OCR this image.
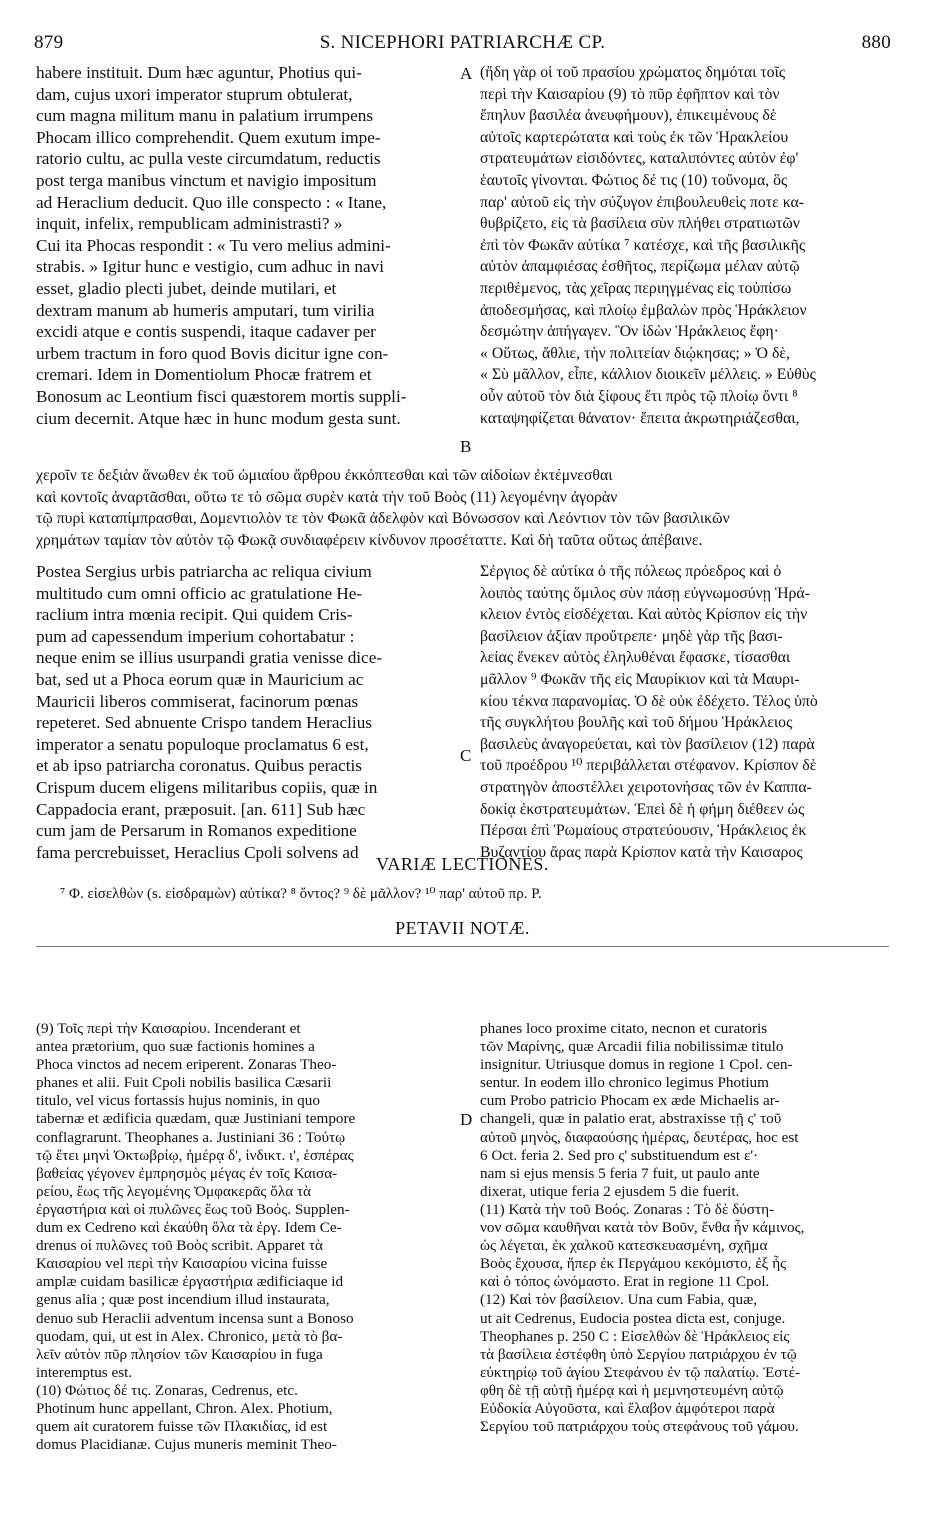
879	S. NICEPHORI PATRIARCHÆ CP.	880
habere instituit. Dum hæc aguntur, Photius qui-
dam, cujus uxori imperator stuprum obtulerat,
cum magna militum manu in palatium irrumpens
Phocam illico comprehendit. Quem exutum impe-
ratorio cultu, ac pulla veste circumdatum, reductis
post terga manibus vinctum et navigio impositum
ad Heraclium deducit. Quo ille conspecto : « Itane,
inquit, infelix, rempublicam administrasti? »
Cui ita Phocas respondit : « Tu vero melius admini-
strabis. » Igitur hunc e vestigio, cum adhuc in navi
esset, gladio plecti jubet, deinde mutilari, et
dextram manum ab humeris amputari, tum virilia
excidi atque e contis suspendi, itaque cadaver per
urbem tractum in foro quod Bovis dicitur igne con-
cremari. Idem in Domentiolum Phocæ fratrem et
Bonosum ac Leontium fisci quæstorem mortis suppli-
cium decernit. Atque hæc in hunc modum gesta sunt.
(ἤδη γὰρ οἱ τοῦ πρασίου χρώματος δημόται τοῖς
περὶ τὴν Καισαρίου (9) τὸ πῦρ ἐφῆπτον καὶ τὸν
ἔπηλυν βασιλέα ἀνευφήμουν), ἐπικειμένους δὲ
αὐτοῖς καρτερώτατα καὶ τοὺς ἐκ τῶν Ἡρακλείου
στρατευμάτων εἰσιδόντες, καταλιπόντες αὐτὸν ἐφ'
ἑαυτοῖς γίνονται. Φώτιος δέ τις (10) τοὔνομα, ὃς
παρ' αὐτοῦ εἰς τὴν σύζυγον ἐπιβουλευθεὶς ποτε κα-
θυβρίζετο, εἰς τὰ βασίλεια σὺν πλήθει στρατιωτῶν
ἐπὶ τὸν Φωκᾶν αὐτίκα ⁷ κατέσχε, καὶ τῆς βασιλικῆς
αὐτὸν ἀπαμφιέσας ἐσθῆτος, περίζωμα μέλαν αὐτῷ
περιθέμενος, τὰς χεῖρας περιηγμένας εἰς τοὐπίσω
ἀποδεσμήσας, καὶ πλοίῳ ἐμβαλὼν πρὸς Ἡράκλειον
δεσμώτην ἀπήγαγεν. Ὃν ἰδὼν Ἡράκλειος ἔφη·
« Οὕτως, ἄθλιε, τὴν πολιτείαν διῴκησας; » Ὁ δὲ,
« Σὺ μᾶλλον, εἶπε, κάλλιον διοικεῖν μέλλεις. » Εὐθὺς
οὖν αὐτοῦ τὸν διὰ ξίφους ἔτι πρὸς τῷ πλοίῳ ὄντι ⁸
καταψηφίζεται θάνατον· ἔπειτα ἀκρωτηριάζεσθαι,
χεροῖν τε δεξιὰν ἄνωθεν ἐκ τοῦ ὠμιαίου ἄρθρου ἐκκόπτεσθαι καὶ τῶν αἰδοίων ἐκτέμνεσθαι
καὶ κοντοῖς ἀναρτᾶσθαι, οὕτω τε τὸ σῶμα συρὲν κατὰ τὴν τοῦ Βοὸς (11) λεγομένην ἀγορὰν
τῷ πυρὶ καταπίμπρασθαι, Δομεντιολὸν τε τὸν Φωκᾶ ἀδελφὸν καὶ Βόνωσσον καὶ Λεόντιον τὸν τῶν βασιλικῶν
χρημάτων ταμίαν τὸν αὐτὸν τῷ Φωκᾷ συνδιαφέρειν κίνδυνον προσέταττε. Καὶ δὴ ταῦτα οὕτως ἀπέβαινε.
Postea Sergius urbis patriarcha ac reliqua civium
multitudo cum omni officio ac gratulatione He-
raclium intra mœnia recipit. Qui quidem Cris-
pum ad capessendum imperium cohortabatur :
neque enim se illius usurpandi gratia venisse dice-
bat, sed ut a Phoca eorum quæ in Mauricium ac
Mauricii liberos commiserat, facinorum pœnas
repeteret. Sed abnuente Crispo tandem Heraclius
imperator a senatu populoque proclamatus 6 est,
et ab ipso patriarcha coronatus. Quibus peractis
Crispum ducem eligens militaribus copiis, quæ in
Cappadocia erant, præposuit. [an. 611] Sub hæc
cum jam de Persarum in Romanos expeditione
fama percrebuisset, Heraclius Cpoli solvens ad
Σέργιος δὲ αὐτίκα ὁ τῆς πόλεως πρόεδρος καὶ ὁ
λοιπὸς ταύτης ὅμιλος σὺν πάσῃ εὐγνωμοσύνῃ Ἡρά-
κλειον ἐντὸς εἰσδέχεται. Καὶ αὐτὸς Κρίσπον εἰς τὴν
βασίλειον ἀξίαν προὔτρεπε· μηδὲ γὰρ τῆς βασι-
λείας ἕνεκεν αὐτὸς ἐληλυθέναι ἔφασκε, τίσασθαι
μᾶλλον ⁹ Φωκᾶν τῆς εἰς Μαυρίκιον καὶ τὰ Μαυρι-
κίου τέκνα παρανομίας. Ὁ δὲ οὐκ ἐδέχετο. Τέλος ὑπὸ
τῆς συγκλήτου βουλῆς καὶ τοῦ δήμου Ἡράκλειος
βασιλεὺς ἀναγορεύεται, καὶ τὸν βασίλειον (12) παρὰ
τοῦ προέδρου ¹⁰ περιβάλλεται στέφανον. Κρίσπον δὲ
στρατηγὸν ἀποστέλλει χειροτονήσας τῶν ἐν Καππα-
δοκίᾳ ἐκστρατευμάτων. Ἐπεὶ δὲ ἡ φήμη διέθεεν ὡς
Πέρσαι ἐπὶ Ῥωμαίους στρατεύουσιν, Ἡράκλειος ἐκ
Βυζαντίου ἄρας παρὰ Κρίσπον κατὰ τὴν Καισαρος
A
B
C
D
VARIÆ LECTIONES.
⁷ Φ. εἰσελθὼν (s. εἰσδραμὼν) αὐτίκα? ⁸ ὄντος? ⁹ δὲ μᾶλλον? ¹⁰ παρ' αὐτοῦ πρ. P.
PETAVII NOTÆ.
(9) Τοῖς περὶ τὴν Καισαρίου. Incenderant et
antea prætorium, quo suæ factionis homines a
Phoca vinctos ad necem eriperent. Zonaras Theo-
phanes et alii. Fuit Cpoli nobilis basilica Cæsarii
titulo, vel vicus fortassis hujus nominis, in quo
tabernæ et ædificia quædam, quæ Justiniani tempore
conflagrarunt. Theophanes a. Justiniani 36 : Τούτῳ
τῷ ἔτει μηνὶ Ὀκτωβρίῳ, ἡμέρᾳ δ', ἰνδικτ. ι', ἑσπέρας
βαθείας γέγονεν ἐμπρησμὸς μέγας ἐν τοῖς Καισα-
ρείου, ἕως τῆς λεγομένης Ὀμφακερᾶς ὅλα τὰ
ἐργαστήρια καὶ οἱ πυλῶνες ἕως τοῦ Βοός. Supplen-
dum ex Cedreno καὶ ἐκαύθη ὅλα τὰ ἐργ. Idem Ce-
drenus οἱ πυλῶνες τοῦ Βοὸς scribit. Apparet τὰ
Καισαρίου vel περὶ τὴν Καισαρίου vicina fuisse
amplæ cuidam basilicæ ἐργαστήρια ædificiaque id
genus alia ; quæ post incendium illud instaurata,
denuo sub Heraclii adventum incensa sunt a Bonoso
quodam, qui, ut est in Alex. Chronico, μετὰ τὸ βα-
λεῖν αὐτὸν πῦρ πλησίον τῶν Καισαρίου in fuga
interemptus est.
(10) Φώτιος δέ τις. Zonaras, Cedrenus, etc.
Photinum hunc appellant, Chron. Alex. Photium,
quem ait curatorem fuisse τῶν Πλακιδίας, id est
domus Placidianæ. Cujus muneris meminit Theo-
phanes loco proxime citato, necnon et curatoris
τῶν Μαρίνης, quæ Arcadii filia nobilissimæ titulo
insignitur. Utriusque domus in regione 1 Cpol. cen-
sentur. In eodem illo chronico legimus Photium
cum Probo patricio Phocam ex æde Michaelis ar-
changeli, quæ in palatio erat, abstraxisse τῇ ς' τοῦ
αὐτοῦ μηνὸς, διαφαούσης ἡμέρας, δευτέρας, hoc est
6 Oct. feria 2. Sed pro ς' substituendum est ε'·
nam si ejus mensis 5 feria 7 fuit, ut paulo ante
dixerat, utique feria 2 ejusdem 5 die fuerit.
(11) Κατὰ τὴν τοῦ Βοός. Zonaras : Τὸ δὲ δύστη-
νον σῶμα καυθῆναι κατὰ τὸν Βοῦν, ἔνθα ἦν κάμινος,
ὡς λέγεται, ἐκ χαλκοῦ κατεσκευασμένη, σχῆμα
Βοὸς ἔχουσα, ἥπερ ἐκ Περγάμου κεκόμιστο, ἐξ ἧς
καὶ ὁ τόπος ὠνόμαστο. Erat in regione 11 Cpol.
(12) Καὶ τὸν βασίλειον. Una cum Fabia, quæ,
ut ait Cedrenus, Eudocia postea dicta est, conjuge.
Theophanes p. 250 C : Εἰσελθὼν δὲ Ἡράκλειος εἰς
τὰ βασίλεια ἐστέφθη ὑπὸ Σεργίου πατριάρχου ἐν τῷ
εὐκτηρίῳ τοῦ ἁγίου Στεφάνου ἐν τῷ παλατίῳ. Ἐστέ-
φθη δὲ τῇ αὐτῇ ἡμέρᾳ καὶ ἡ μεμνηστευμένη αὐτῷ
Εὐδοκία Αὐγοῦστα, καὶ ἔλαβον ἀμφότεροι παρὰ
Σεργίου τοῦ πατριάρχου τοὺς στεφάνους τοῦ γάμου.
